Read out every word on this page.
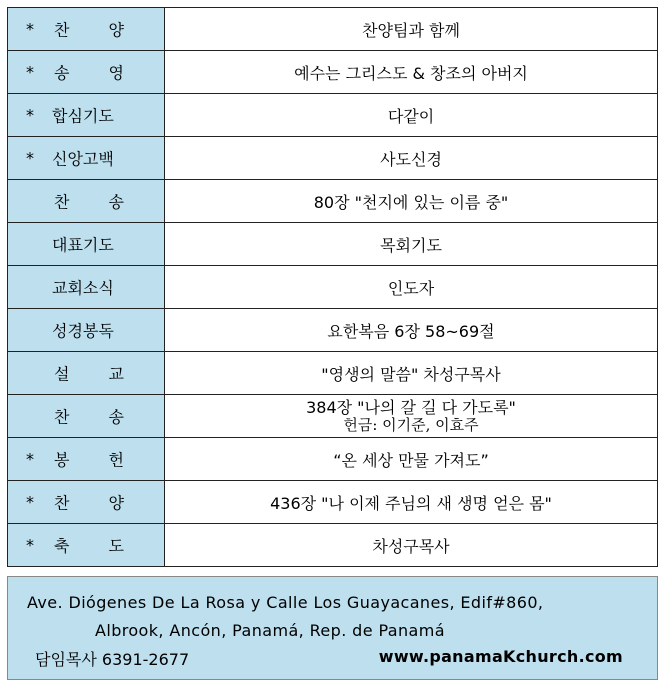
* 찬 양	찬양팀과 함께

* 송 영	예수는 그리스도 & 창조의 아버지

* 합심기도	다같이

* 신앙고백	사도신경

찬 송	80장 "천지에 있는 이름 중"

대표기도	목회기도

교회소식	인도자

성경봉독	요한복음 6장 58~69절

설 교	"영생의 말씀" 차성구목사

찬 송	384장 "나의 갈 길 다 가도록"
헌금: 이기준, 이효주

* 봉 헌	“온 세상 만물 가져도”

* 찬 양	436장 "나 이제 주님의 새 생명 얻은 몸"

* 축 도	차성구목사
Ave. Diógenes De La Rosa y Calle Los Guayacanes, Edif#860,
Albrook, Ancón, Panamá, Rep. de Panamá
담임목사 6391-2677	www.panamaKchurch.com
